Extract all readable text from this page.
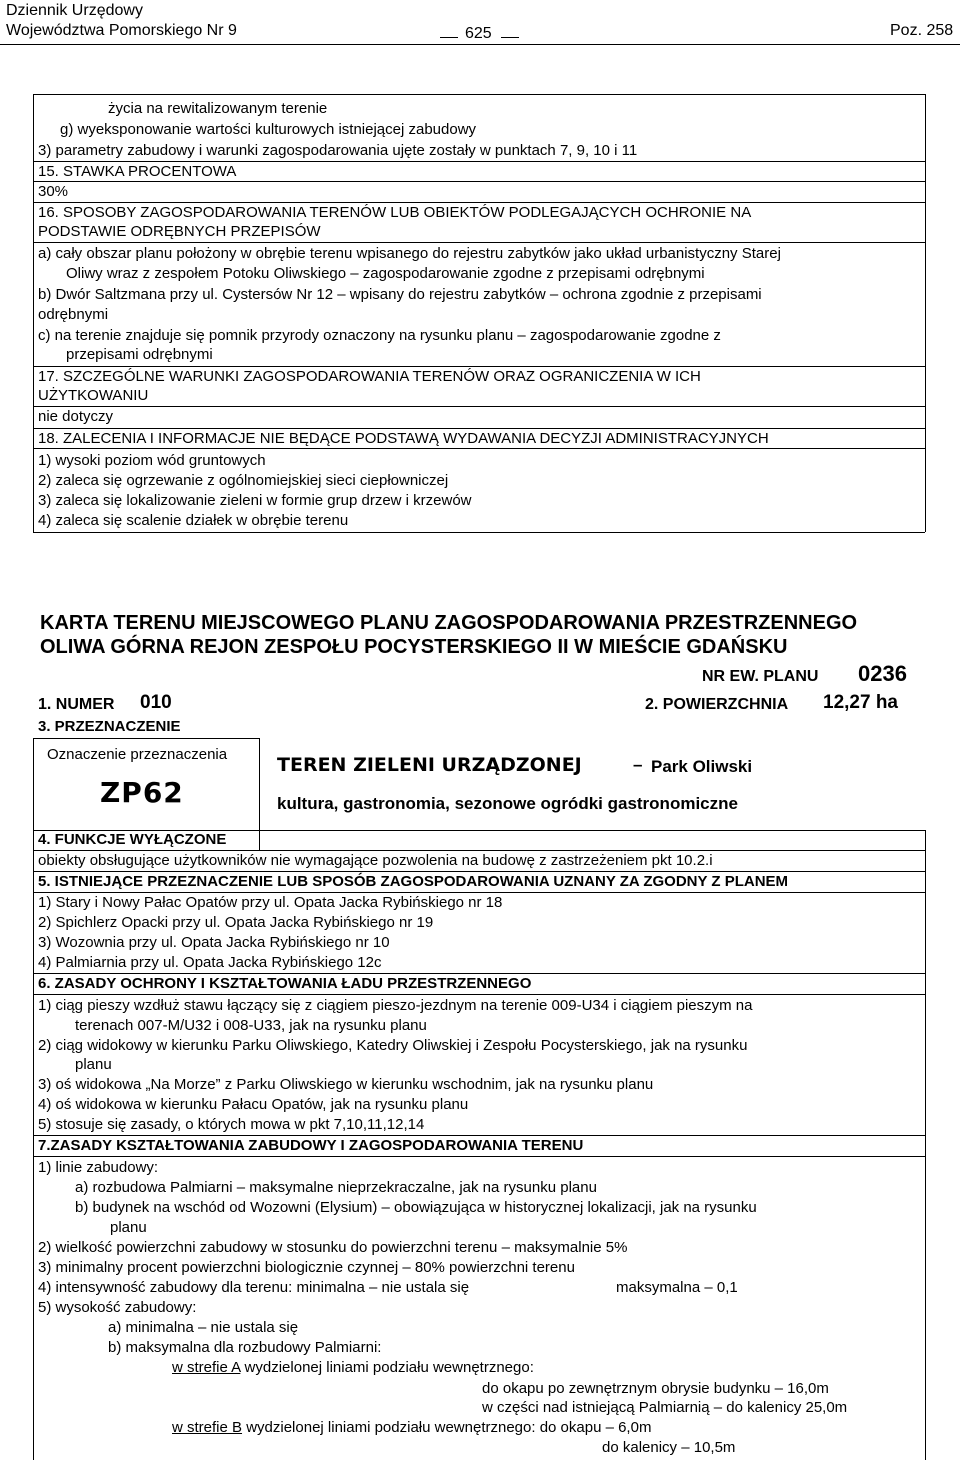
Dziennik Urzędowy
Województwa Pomorskiego Nr 9	625	Poz. 258
życia na rewitalizowanym terenie
g) wyeksponowanie wartości kulturowych istniejącej zabudowy
3) parametry zabudowy i warunki zagospodarowania ujęte zostały w punktach 7, 9, 10 i 11
15. STAWKA PROCENTOWA
30%
16. SPOSOBY ZAGOSPODAROWANIA TERENÓW LUB OBIEKTÓW PODLEGAJĄCYCH OCHRONIE NA
PODSTAWIE ODRĘBNYCH PRZEPISÓW
a) cały obszar planu położony w obrębie terenu wpisanego do rejestru zabytków jako układ urbanistyczny Starej
Oliwy wraz z zespołem Potoku Oliwskiego – zagospodarowanie zgodne z przepisami odrębnymi
b) Dwór Saltzmana przy ul. Cystersów Nr 12 – wpisany do rejestru zabytków – ochrona zgodnie z przepisami
odrębnymi
c) na terenie znajduje się pomnik przyrody oznaczony na rysunku planu – zagospodarowanie zgodne z
przepisami odrębnymi
17. SZCZEGÓLNE WARUNKI ZAGOSPODAROWANIA TERENÓW ORAZ OGRANICZENIA W ICH
UŻYTKOWANIU
nie dotyczy
18. ZALECENIA I INFORMACJE NIE BĘDĄCE PODSTAWĄ WYDAWANIA DECYZJI ADMINISTRACYJNYCH
1) wysoki poziom wód gruntowych
2) zaleca się ogrzewanie z ogólnomiejskiej sieci ciepłowniczej
3) zaleca się lokalizowanie zieleni w formie grup drzew i krzewów
4) zaleca się scalenie działek w obrębie terenu
KARTA TERENU MIEJSCOWEGO PLANU ZAGOSPODAROWANIA PRZESTRZENNEGO
OLIWA GÓRNA REJON ZESPOŁU POCYSTERSKIEGO II W MIEŚCIE GDAŃSKU
NR EW. PLANU 0236
1. NUMER 010	2. POWIERZCHNIA 12,27 ha
3. PRZEZNACZENIE
Oznaczenie przeznaczenia
ZP62
TEREN ZIELENI URZĄDZONEJ	– Park Oliwski
kultura, gastronomia, sezonowe ogródki gastronomiczne
4. FUNKCJE WYŁĄCZONE
obiekty obsługujące użytkowników nie wymagające pozwolenia na budowę z zastrzeżeniem pkt 10.2.i
5. ISTNIEJĄCE PRZEZNACZENIE LUB SPOSÓB ZAGOSPODAROWANIA UZNANY ZA ZGODNY Z PLANEM
1) Stary i Nowy Pałac Opatów przy ul. Opata Jacka Rybińskiego nr 18
2) Spichlerz Opacki przy ul. Opata Jacka Rybińskiego nr 19
3) Wozownia przy ul. Opata Jacka Rybińskiego nr 10
4) Palmiarnia przy ul. Opata Jacka Rybińskiego 12c
6. ZASADY OCHRONY I KSZTAŁTOWANIA ŁADU PRZESTRZENNEGO
1) ciąg pieszy wzdłuż stawu łączący się z ciągiem pieszo-jezdnym na terenie 009-U34 i ciągiem pieszym na
terenach 007-M/U32 i 008-U33, jak na rysunku planu
2) ciąg widokowy w kierunku Parku Oliwskiego, Katedry Oliwskiej i Zespołu Pocysterskiego, jak na rysunku
planu
3) oś widokowa „Na Morze” z Parku Oliwskiego w kierunku wschodnim, jak na rysunku planu
4) oś widokowa w kierunku Pałacu Opatów, jak na rysunku planu
5) stosuje się zasady, o których mowa w pkt 7,10,11,12,14
7.ZASADY KSZTAŁTOWANIA ZABUDOWY I ZAGOSPODAROWANIA TERENU
1) linie zabudowy:
a) rozbudowa Palmiarni – maksymalne nieprzekraczalne, jak na rysunku planu
b) budynek na wschód od Wozowni (Elysium) – obowiązująca w historycznej lokalizacji, jak na rysunku
planu
2) wielkość powierzchni zabudowy w stosunku do powierzchni terenu – maksymalnie 5%
3) minimalny procent powierzchni biologicznie czynnej – 80% powierzchni terenu
4) intensywność zabudowy dla terenu: minimalna – nie ustala się	maksymalna – 0,1
5) wysokość zabudowy:
a) minimalna – nie ustala się
b) maksymalna dla rozbudowy Palmiarni:
w strefie A wydzielonej liniami podziału wewnętrznego:
do okapu po zewnętrznym obrysie budynku – 16,0m
w części nad istniejącą Palmiarnią – do kalenicy 25,0m
w strefie B wydzielonej liniami podziału wewnętrznego: do okapu – 6,0m
do kalenicy – 10,5m
